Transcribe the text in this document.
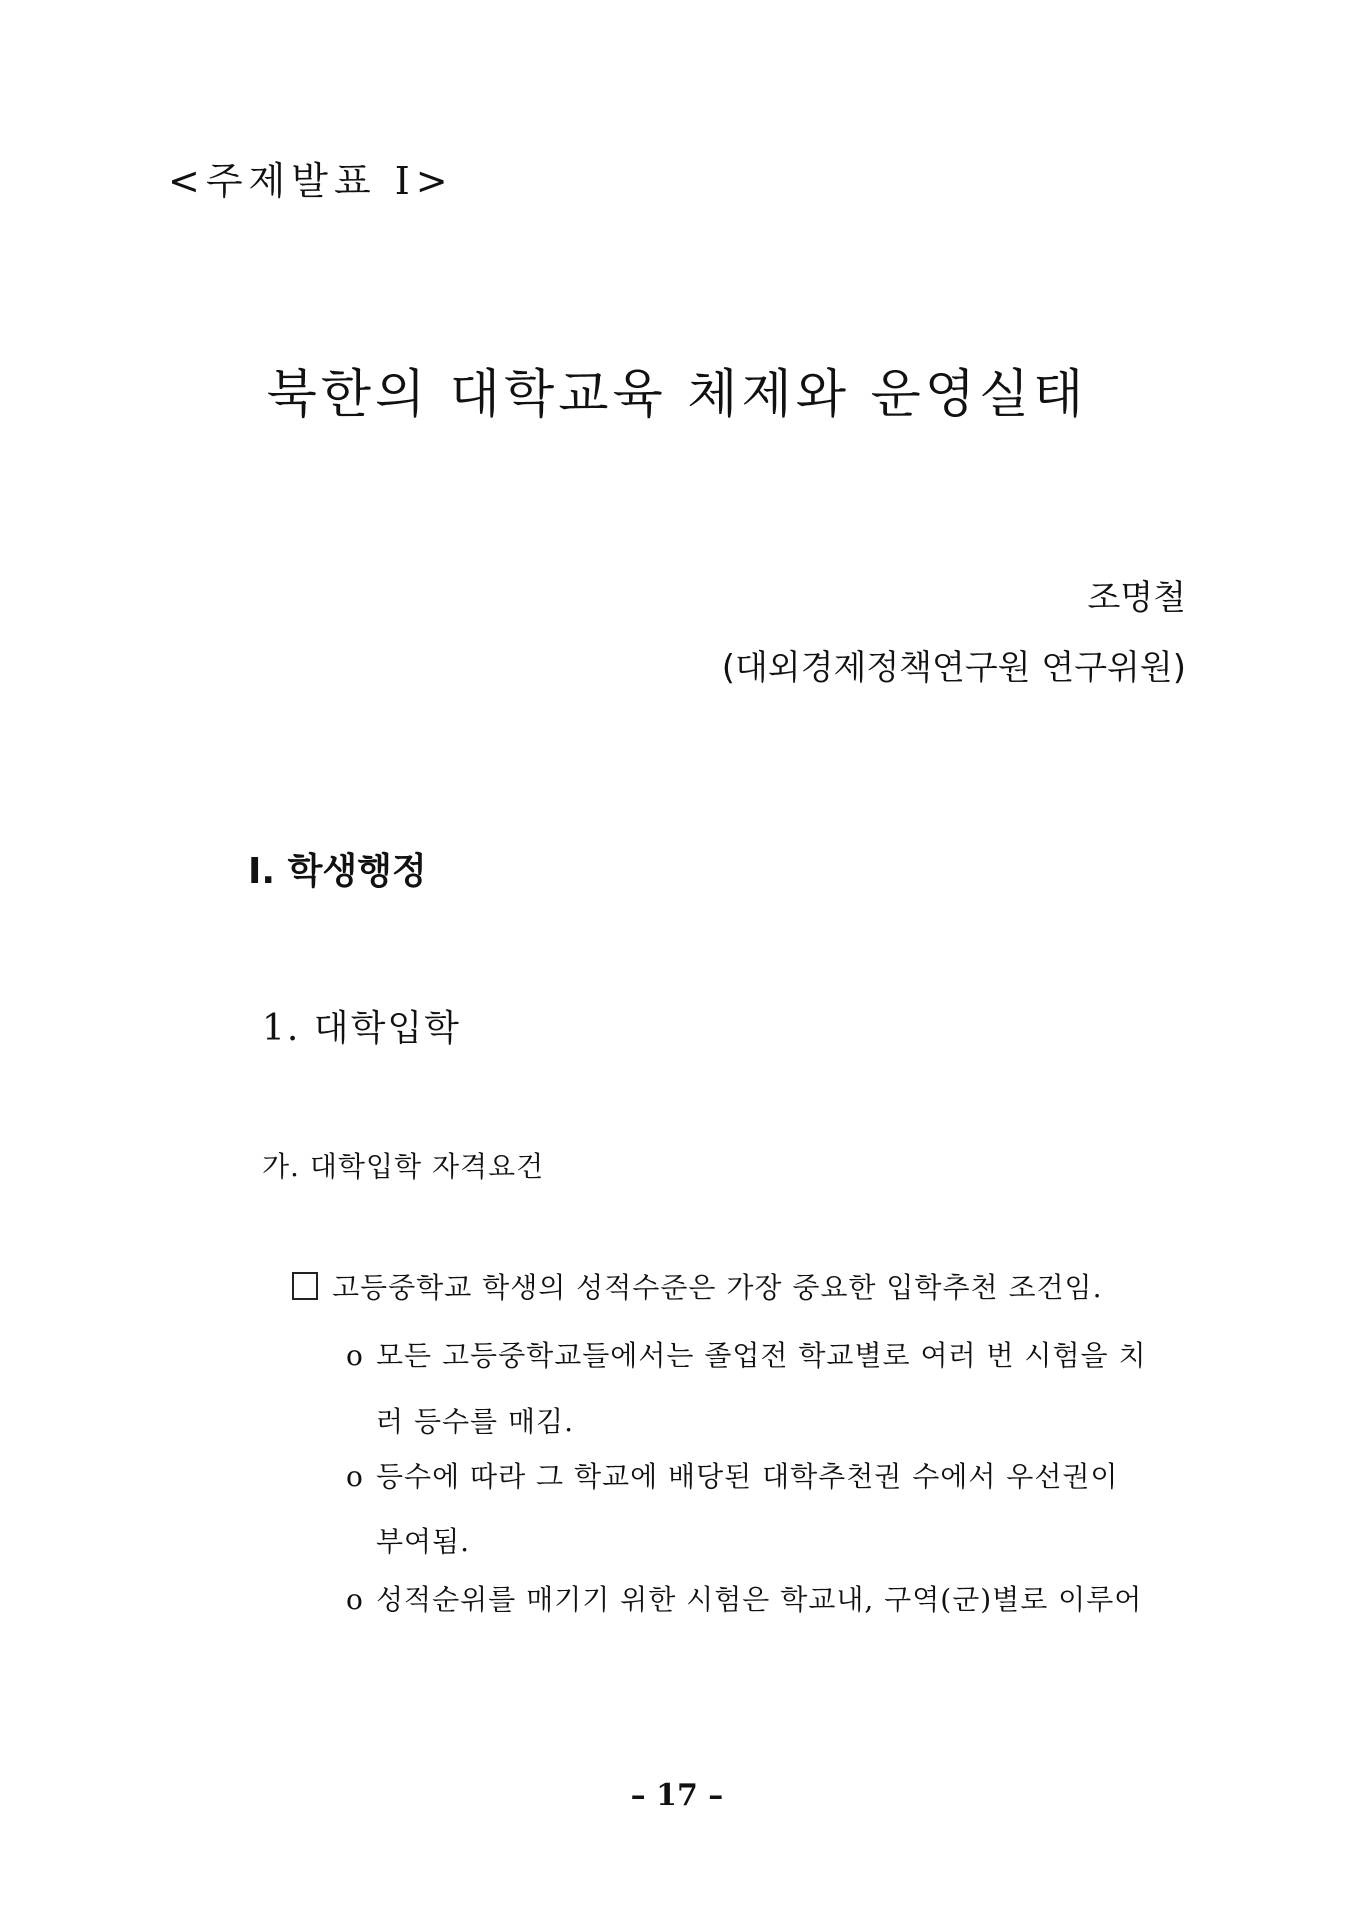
<주제발표 Ⅰ>
북한의 대학교육 체제와 운영실태
조명철
(대외경제정책연구원 연구위원)
Ⅰ. 학생행정
1. 대학입학
가. 대학입학 자격요건
고등중학교 학생의 성적수준은 가장 중요한 입학추천 조건임.
o 모든 고등중학교들에서는 졸업전 학교별로 여러 번 시험을 치
러 등수를 매김.
o 등수에 따라 그 학교에 배당된 대학추천권 수에서 우선권이
부여됨.
o 성적순위를 매기기 위한 시험은 학교내, 구역(군)별로 이루어
– 17 –
